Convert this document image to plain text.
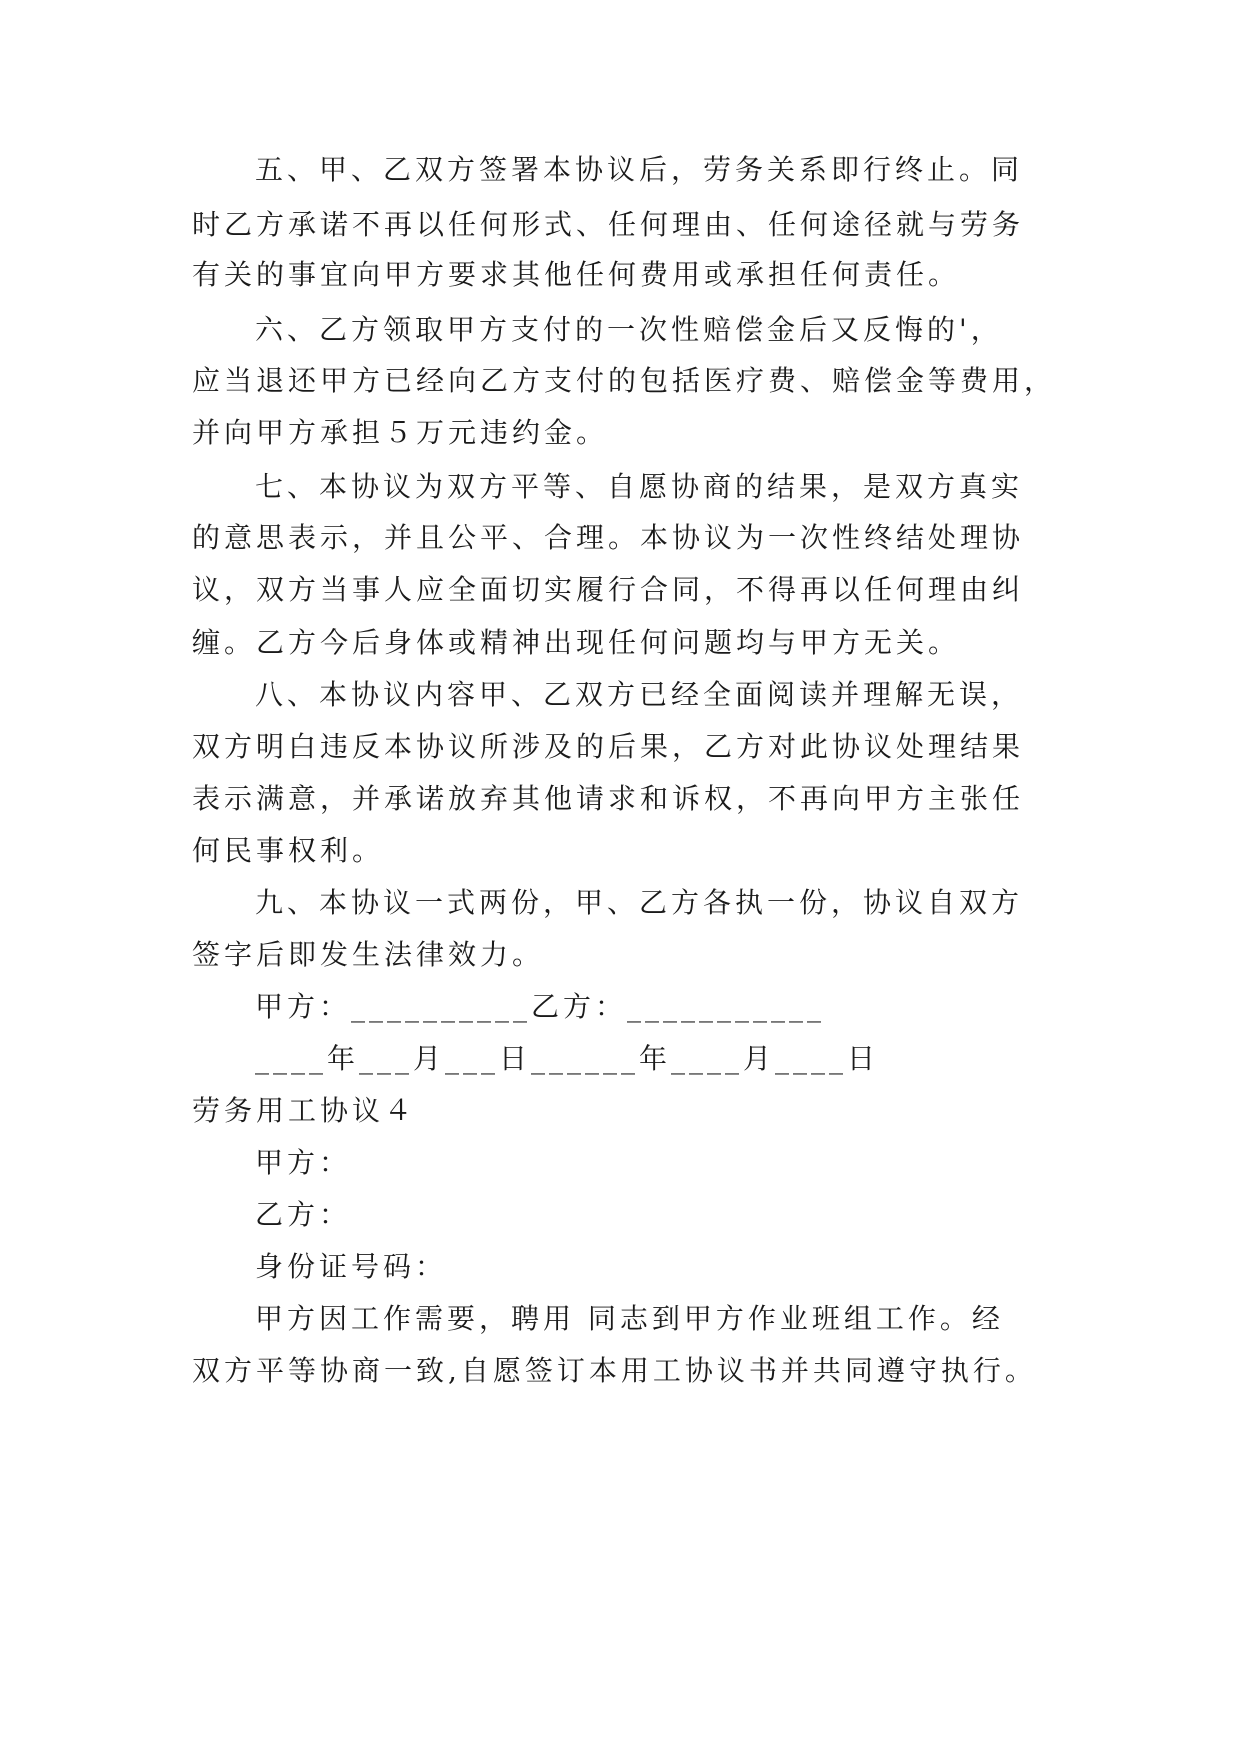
五、甲、乙双方签署本协议后，劳务关系即行终止。同
时乙方承诺不再以任何形式、任何理由、任何途径就与劳务
有关的事宜向甲方要求其他任何费用或承担任何责任。
六、乙方领取甲方支付的一次性赔偿金后又反悔的'，
应当退还甲方已经向乙方支付的包括医疗费、赔偿金等费用，
并向甲方承担５万元违约金。
七、本协议为双方平等、自愿协商的结果，是双方真实
的意思表示，并且公平、合理。本协议为一次性终结处理协
议，双方当事人应全面切实履行合同，不得再以任何理由纠
缠。乙方今后身体或精神出现任何问题均与甲方无关。
八、本协议内容甲、乙双方已经全面阅读并理解无误，
双方明白违反本协议所涉及的后果，乙方对此协议处理结果
表示满意，并承诺放弃其他请求和诉权，不再向甲方主张任
何民事权利。
九、本协议一式两份，甲、乙方各执一份，协议自双方
签字后即发生法律效力。
甲方：__________乙方：___________
____年___月___日______年____月____日
劳务用工协议４
甲方：
乙方：
身份证号码：
甲方因工作需要，聘用 同志到甲方作业班组工作。经
双方平等协商一致,自愿签订本用工协议书并共同遵守执行。
